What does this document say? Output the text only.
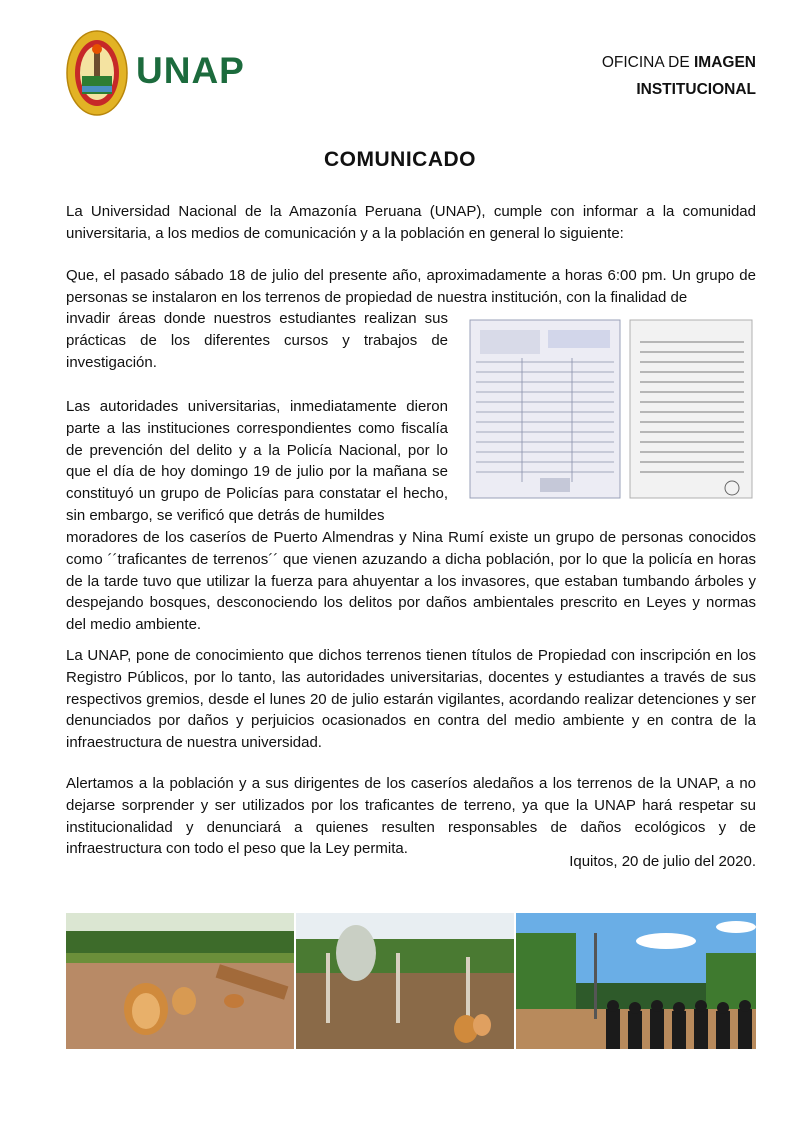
UNAP	OFICINA DE IMAGEN
INSTITUCIONAL
COMUNICADO

La Universidad Nacional de la Amazonía Peruana (UNAP), cumple con informar a la comunidad universitaria, a los medios de comunicación y a la población en general lo siguiente:

Que, el pasado sábado 18 de julio del presente año, aproximadamente a horas 6:00 pm. Un grupo de personas se instalaron en los terrenos de propiedad de nuestra institución, con la finalidad de

invadir áreas donde nuestros estudiantes realizan sus prácticas de los diferentes cursos y trabajos de investigación.

Las autoridades universitarias, inmediatamente dieron parte a las instituciones correspondientes como fiscalía de prevención del delito y a la Policía Nacional, por lo que el día de hoy domingo 19 de julio por la mañana se constituyó un grupo de Policías para constatar el hecho, sin embargo, se verificó que detrás de humildes

moradores de los caseríos de Puerto Almendras y Nina Rumí existe un grupo de personas conocidos como ´´traficantes de terrenos´´ que vienen azuzando a dicha población, por lo que la policía en horas de la tarde tuvo que utilizar la fuerza para ahuyentar a los invasores, que estaban tumbando árboles y despejando bosques, desconociendo los delitos por daños ambientales prescrito en Leyes y normas del medio ambiente.

La UNAP, pone de conocimiento que dichos terrenos tienen títulos de Propiedad con inscripción en los Registro Públicos, por lo tanto, las autoridades universitarias, docentes y estudiantes a través de sus respectivos gremios, desde el lunes 20 de julio estarán vigilantes, acordando realizar detenciones y ser denunciados por daños y perjuicios ocasionados en contra del medio ambiente y en contra de la infraestructura de nuestra universidad.

Alertamos a la población y a sus dirigentes de los caseríos aledaños a los terrenos de la UNAP, a no dejarse sorprender y ser utilizados por los traficantes de terreno, ya que la UNAP hará respetar su institucionalidad y denunciará a quienes resulten responsables de daños ecológicos y de infraestructura con todo el peso que la Ley permita.

Iquitos, 20 de julio del 2020.
